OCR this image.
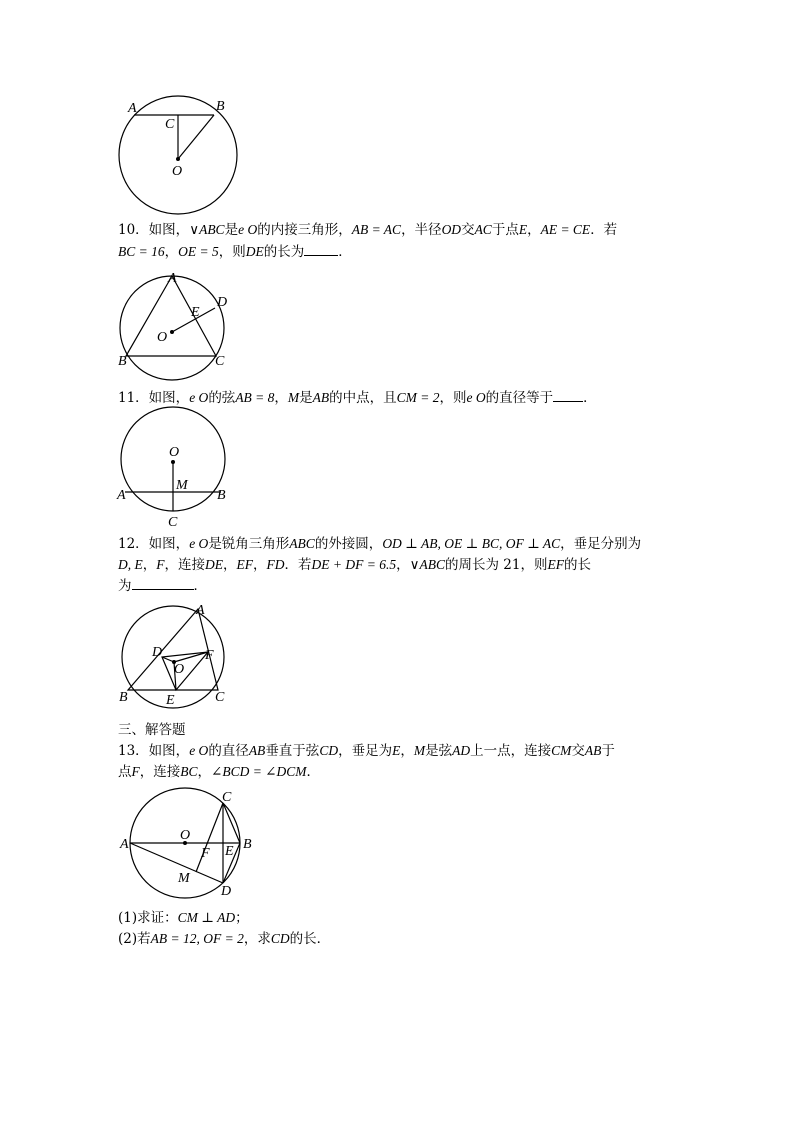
A	B
C
O
10．如图，∨ABC是e O的内接三角形，AB = AC，半径OD交AC于点E，AE = CE．若
BC = 16，OE = 5，则DE的长为	．
A
D
E
O
B	C
11．如图，e O的弦AB = 8，M是AB的中点，且CM = 2，则e O的直径等于 ．
O
M
A	B
C
12．如图，e O是锐角三角形ABC的外接圆，OD ⊥ AB, OE ⊥ BC, OF ⊥ AC，垂足分别为
D, E，F，连接DE，EF，FD．若DE + DF = 6.5，∨ABC的周长为 21，则EF的长
为	．
A
D	F
O
B	E	C
三、解答题
13．如图，e O的直径AB垂直于弦CD，垂足为E，M是弦AD上一点，连接CM交AB于
点F，连接BC，∠BCD = ∠DCM．
C
O
A	B
F E
M
D
(1)求证：CM ⊥ AD；
(2)若AB = 12, OF = 2，求CD的长．
